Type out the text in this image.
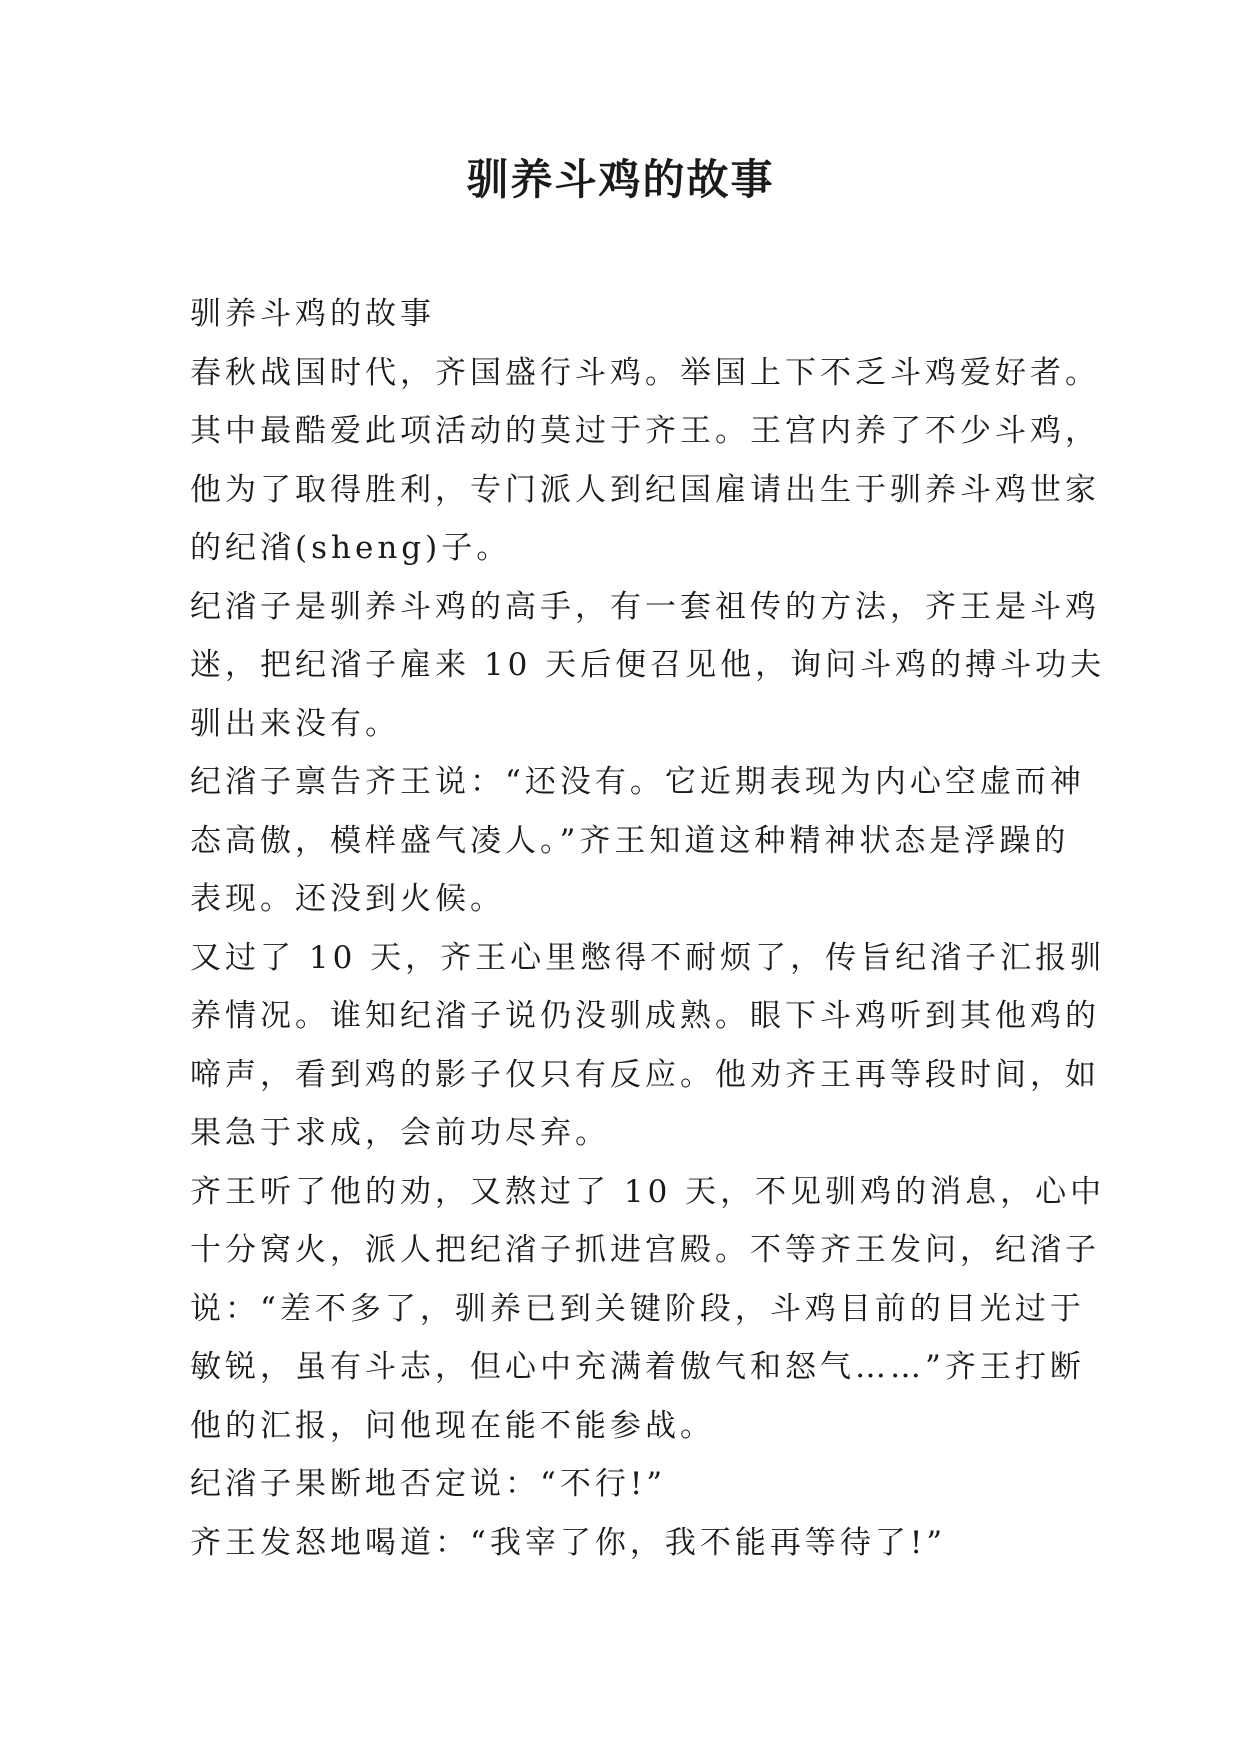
驯养斗鸡的故事
驯养斗鸡的故事
春秋战国时代，齐国盛行斗鸡。举国上下不乏斗鸡爱好者。
其中最酷爱此项活动的莫过于齐王。王宫内养了不少斗鸡，
他为了取得胜利，专门派人到纪国雇请出生于驯养斗鸡世家
的纪渻(sheng)子。
纪渻子是驯养斗鸡的高手，有一套祖传的方法，齐王是斗鸡
迷，把纪渻子雇来 10 天后便召见他，询问斗鸡的搏斗功夫
驯出来没有。
纪渻子禀告齐王说：“还没有。它近期表现为内心空虚而神
态高傲，模样盛气凌人。”齐王知道这种精神状态是浮躁的
表现。还没到火候。
又过了 10 天，齐王心里憋得不耐烦了，传旨纪渻子汇报驯
养情况。谁知纪渻子说仍没驯成熟。眼下斗鸡听到其他鸡的
啼声，看到鸡的影子仅只有反应。他劝齐王再等段时间，如
果急于求成，会前功尽弃。
齐王听了他的劝，又熬过了 10 天，不见驯鸡的消息，心中
十分窝火，派人把纪渻子抓进宫殿。不等齐王发问，纪渻子
说：“差不多了，驯养已到关键阶段，斗鸡目前的目光过于
敏锐，虽有斗志，但心中充满着傲气和怒气……”齐王打断
他的汇报，问他现在能不能参战。
纪渻子果断地否定说：“不行!”
齐王发怒地喝道：“我宰了你，我不能再等待了!”
